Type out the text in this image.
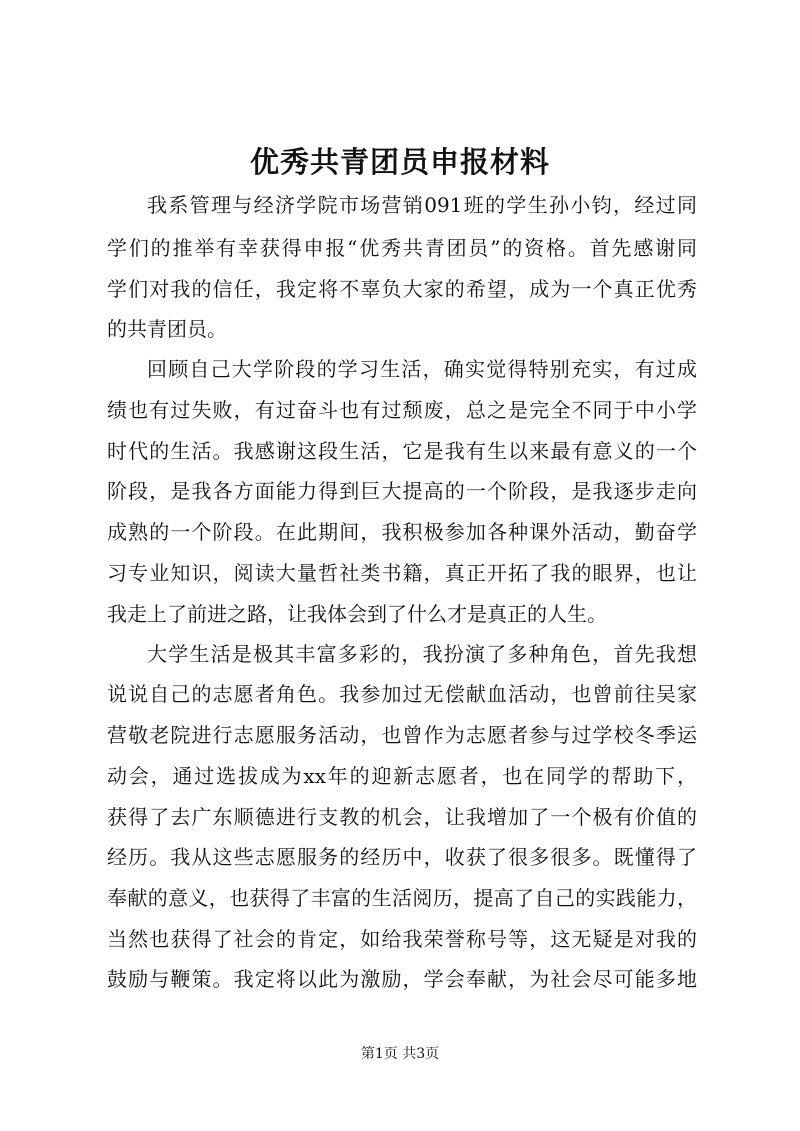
优秀共青团员申报材料
我系管理与经济学院市场营销091班的学生孙小钧，经过同
学们的推举有幸获得申报“优秀共青团员”的资格。首先感谢同
学们对我的信任，我定将不辜负大家的希望，成为一个真正优秀
的共青团员。
回顾自己大学阶段的学习生活，确实觉得特别充实，有过成
绩也有过失败，有过奋斗也有过颓废，总之是完全不同于中小学
时代的生活。我感谢这段生活，它是我有生以来最有意义的一个
阶段，是我各方面能力得到巨大提高的一个阶段，是我逐步走向
成熟的一个阶段。在此期间，我积极参加各种课外活动，勤奋学
习专业知识，阅读大量哲社类书籍，真正开拓了我的眼界，也让
我走上了前进之路，让我体会到了什么才是真正的人生。
大学生活是极其丰富多彩的，我扮演了多种角色，首先我想
说说自己的志愿者角色。我参加过无偿献血活动，也曾前往吴家
营敬老院进行志愿服务活动，也曾作为志愿者参与过学校冬季运
动会，通过选拔成为xx年的迎新志愿者，也在同学的帮助下，
获得了去广东顺德进行支教的机会，让我增加了一个极有价值的
经历。我从这些志愿服务的经历中，收获了很多很多。既懂得了
奉献的意义，也获得了丰富的生活阅历，提高了自己的实践能力，
当然也获得了社会的肯定，如给我荣誉称号等，这无疑是对我的
鼓励与鞭策。我定将以此为激励，学会奉献，为社会尽可能多地
第1页 共3页
